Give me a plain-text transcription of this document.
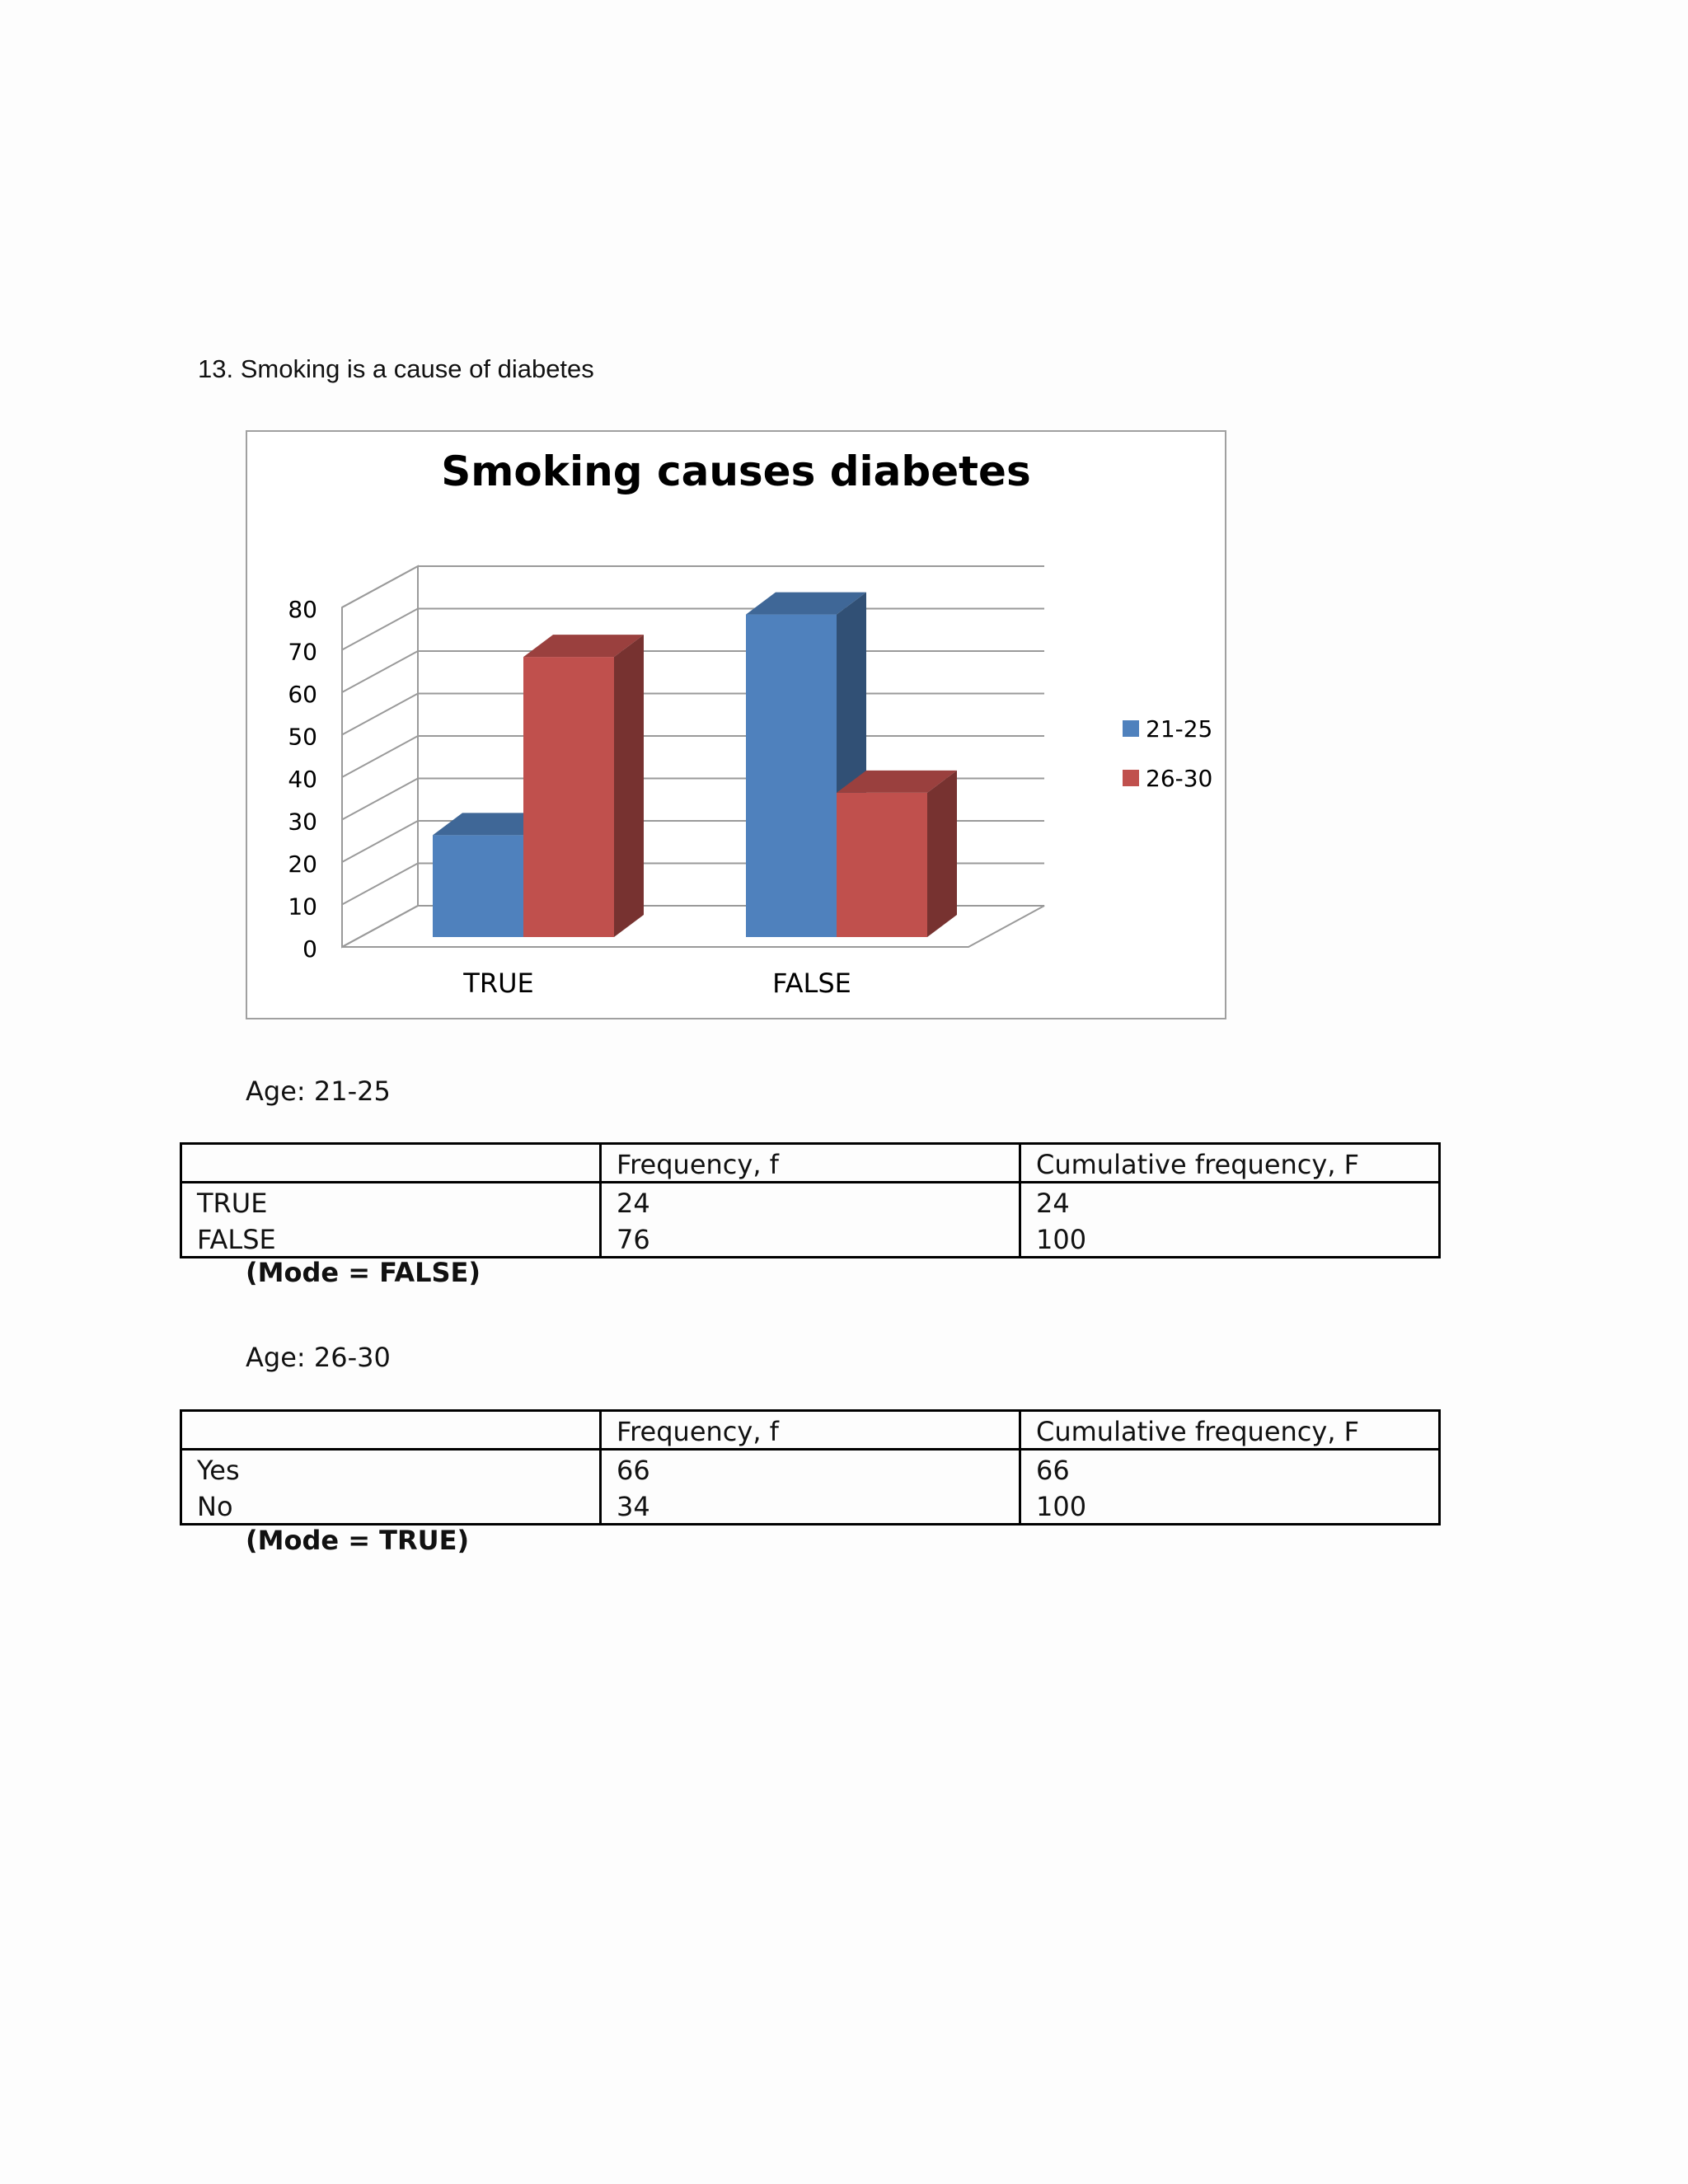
13. Smoking is a cause of diabetes
Smoking causes diabetes
0
10
20
30
40
50
60
70
80
TRUE	FALSE
21-25
26-30
Age: 21-25
	Frequency, f	Cumulative frequency, F
TRUE	24	24
FALSE	76	100
(Mode = FALSE)
Age: 26-30
	Frequency, f	Cumulative frequency, F
Yes	66	66
No	34	100
(Mode = TRUE)
